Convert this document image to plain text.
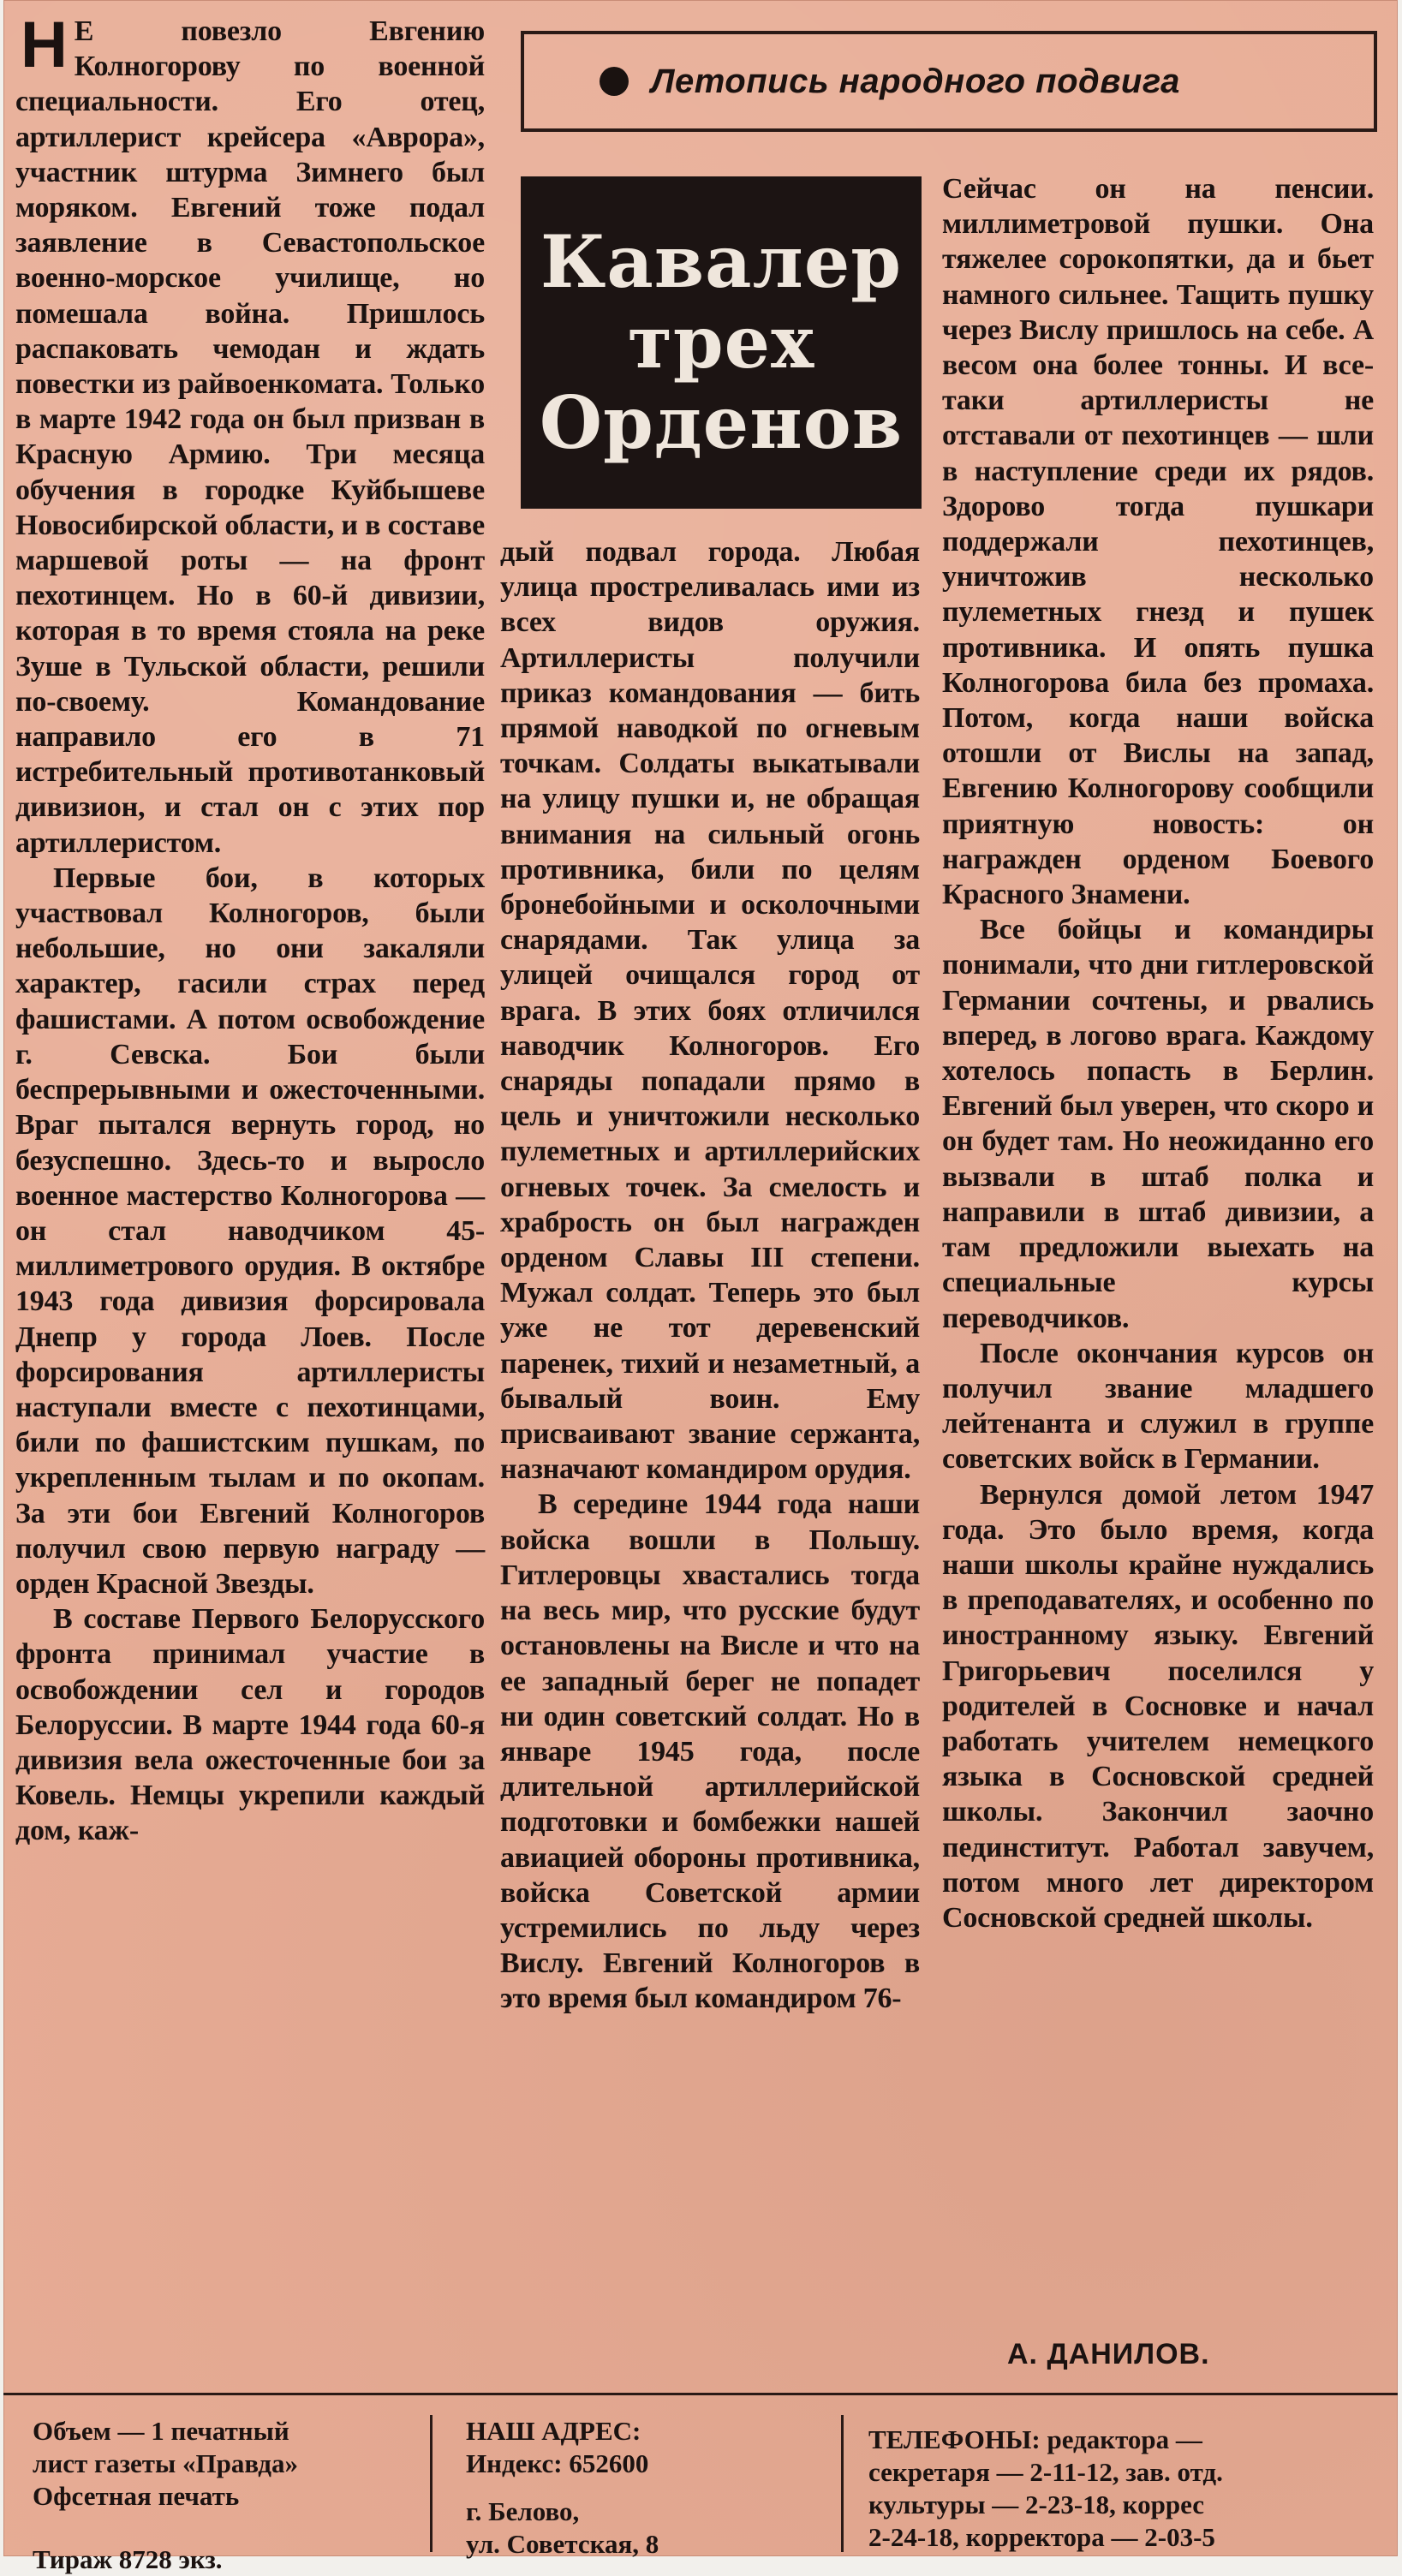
Летопись народного подвига
Кавалер
трех
Орденов

Н Е повезло Евгению Колногорову по военной специальности. Его отец, артиллерист крейсера «Аврора», участник штурма Зимнего был моряком. Евгений тоже подал заявление в Севастопольское военно-морское училище, но помешала война. Пришлось распаковать чемодан и ждать повестки из райвоенкомата. Только в марте 1942 года он был призван в Красную Армию. Три месяца обучения в городке Куйбышеве Новосибирской области, и в составе маршевой роты — на фронт пехотинцем. Но в 60-й дивизии, которая в то время стояла на реке Зуше в Тульской области, решили по-своему. Командование направило его в 71 истребительный противотанковый дивизион, и стал он с этих пор артиллеристом.

Первые бои, в которых участвовал Колногоров, были небольшие, но они закаляли характер, гасили страх перед фашистами. А потом освобождение г. Севска. Бои были беспрерывными и ожесточенными. Враг пытался вернуть город, но безуспешно. Здесь-то и выросло военное мастерство Колногорова — он стал наводчиком 45-миллиметрового орудия. В октябре 1943 года дивизия форсировала Днепр у города Лоев. После форсирования артиллеристы наступали вместе с пехотинцами, били по фашистским пушкам, по укрепленным тылам и по окопам. За эти бои Евгений Колногоров получил свою первую награду — орден Красной Звезды.

В составе Первого Белорусского фронта принимал участие в освобождении сел и городов Белоруссии. В марте 1944 года 60-я дивизия вела ожесточенные бои за Ковель. Немцы укрепили каждый дом, каж-

дый подвал города. Любая улица простреливалась ими из всех видов оружия. Артиллеристы получили приказ командования — бить прямой наводкой по огневым точкам. Солдаты выкатывали на улицу пушки и, не обращая внимания на сильный огонь противника, били по целям бронебойными и осколочными снарядами. Так улица за улицей очищался город от врага. В этих боях отличился наводчик Колногоров. Его снаряды попадали прямо в цель и уничтожили несколько пулеметных и артиллерийских огневых точек. За смелость и храбрость он был награжден орденом Славы III степени. Мужал солдат. Теперь это был уже не тот деревенский паренек, тихий и незаметный, а бывалый воин. Ему присваивают звание сержанта, назначают командиром орудия.

В середине 1944 года наши войска вошли в Польшу. Гитлеровцы хвастались тогда на весь мир, что русские будут остановлены на Висле и что на ее западный берег не попадет ни один советский солдат. Но в январе 1945 года, после длительной артиллерийской подготовки и бомбежки нашей авиацией обороны противника, войска Советской армии устремились по льду через Вислу. Евгений Колногоров в это время был командиром 76-

Сейчас он на пенсии. миллиметровой пушки. Она тяжелее сорокопятки, да и бьет намного сильнее. Тащить пушку через Вислу пришлось на себе. А весом она более тонны. И все-таки артиллеристы не отставали от пехотинцев — шли в наступление среди их рядов. Здорово тогда пушкари поддержали пехотинцев, уничтожив несколько пулеметных гнезд и пушек противника. И опять пушка Колногорова била без промаха. Потом, когда наши войска отошли от Вислы на запад, Евгению Колногорову сообщили приятную новость: он награжден орденом Боевого Красного Знамени.

Все бойцы и командиры понимали, что дни гитлеровской Германии сочтены, и рвались вперед, в логово врага. Каждому хотелось попасть в Берлин. Евгений был уверен, что скоро и он будет там. Но неожиданно его вызвали в штаб полка и направили в штаб дивизии, а там предложили выехать на специальные курсы переводчиков.

После окончания курсов он получил звание младшего лейтенанта и служил в группе советских войск в Германии.

Вернулся домой летом 1947 года. Это было время, когда наши школы крайне нуждались в преподавателях, и особенно по иностранному языку. Евгений Григорьевич поселился у родителей в Сосновке и начал работать учителем немецкого языка в Сосновской средней школы. Закончил заочно пединститут. Работал завучем, потом много лет директором Сосновской средней школы.

А. ДАНИЛОВ.
Объем — 1 печатный
лист газеты «Правда»
Офсетная печать
Тираж 8728 экз.
НАШ АДРЕС:
Индекс: 652600
г. Белово,
ул. Советская, 8
ТЕЛЕФОНЫ: редактора —
секретаря — 2-11-12, зав. отд.
культуры — 2-23-18, коррес
2-24-18, корректора — 2-03-5
